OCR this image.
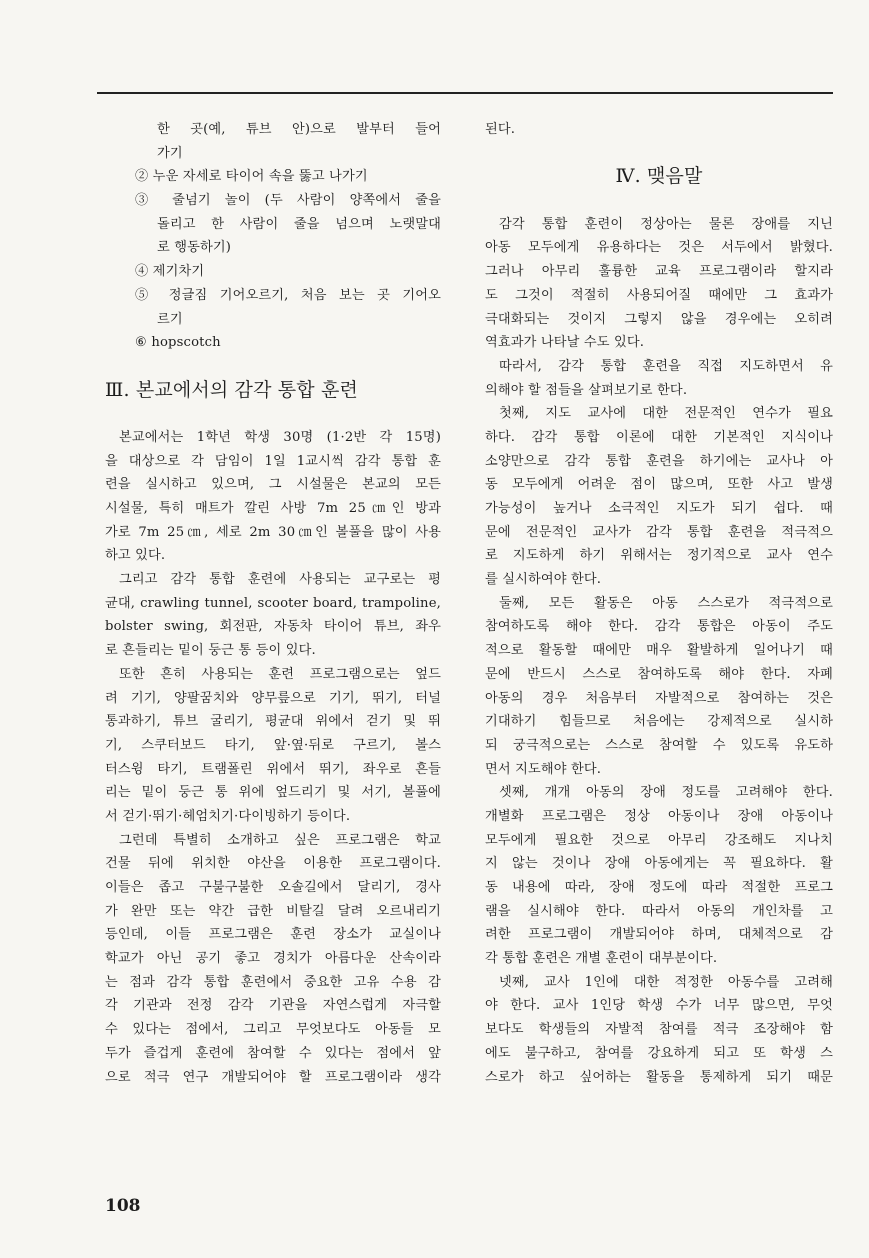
한 곳(예, 튜브 안)으로 발부터 들어
가기
② 누운 자세로 타이어 속을 뚫고 나가기
③ 줄넘기 놀이 (두 사람이 양쪽에서 줄을
돌리고 한 사람이 줄을 넘으며 노랫말대
로 행동하기)
④ 제기차기
⑤ 정글짐 기어오르기, 처음 보는 곳 기어오
르기
⑥ hopscotch
Ⅲ. 본교에서의 감각 통합 훈련
본교에서는 1학년 학생 30명 (1·2반 각 15명)
을 대상으로 각 담임이 1일 1교시씩 감각 통합 훈
련을 실시하고 있으며, 그 시설물은 본교의 모든
시설물, 특히 매트가 깔린 사방 7m 25㎝인 방과
가로 7m 25㎝, 세로 2m 30㎝인 볼풀을 많이 사용
하고 있다.
그리고 감각 통합 훈련에 사용되는 교구로는 평
균대, crawling tunnel, scooter board, trampoline,
bolster swing, 회전판, 자동차 타이어 튜브, 좌우
로 흔들리는 밑이 둥근 통 등이 있다.
또한 흔히 사용되는 훈련 프로그램으로는 엎드
려 기기, 양팔꿈치와 양무릎으로 기기, 뛰기, 터널
통과하기, 튜브 굴리기, 평균대 위에서 걷기 및 뛰
기, 스쿠터보드 타기, 앞·옆·뒤로 구르기, 볼스
터스윙 타기, 트램폴린 위에서 뛰기, 좌우로 흔들
리는 밑이 둥근 통 위에 엎드리기 및 서기, 볼풀에
서 걷기·뛰기·헤엄치기·다이빙하기 등이다.
그런데 특별히 소개하고 싶은 프로그램은 학교
건물 뒤에 위치한 야산을 이용한 프로그램이다.
이들은 좁고 구불구불한 오솔길에서 달리기, 경사
가 완만 또는 약간 급한 비탈길 달려 오르내리기
등인데, 이들 프로그램은 훈련 장소가 교실이나
학교가 아닌 공기 좋고 경치가 아름다운 산속이라
는 점과 감각 통합 훈련에서 중요한 고유 수용 감
각 기관과 전정 감각 기관을 자연스럽게 자극할
수 있다는 점에서, 그리고 무엇보다도 아동들 모
두가 즐겁게 훈련에 참여할 수 있다는 점에서 앞
으로 적극 연구 개발되어야 할 프로그램이라 생각
된다.
Ⅳ. 맺음말
감각 통합 훈련이 정상아는 물론 장애를 지닌
아동 모두에게 유용하다는 것은 서두에서 밝혔다.
그러나 아무리 훌륭한 교육 프로그램이라 할지라
도 그것이 적절히 사용되어질 때에만 그 효과가
극대화되는 것이지 그렇지 않을 경우에는 오히려
역효과가 나타날 수도 있다.
따라서, 감각 통합 훈련을 직접 지도하면서 유
의해야 할 점들을 살펴보기로 한다.
첫째, 지도 교사에 대한 전문적인 연수가 필요
하다. 감각 통합 이론에 대한 기본적인 지식이나
소양만으로 감각 통합 훈련을 하기에는 교사나 아
동 모두에게 어려운 점이 많으며, 또한 사고 발생
가능성이 높거나 소극적인 지도가 되기 쉽다. 때
문에 전문적인 교사가 감각 통합 훈련을 적극적으
로 지도하게 하기 위해서는 정기적으로 교사 연수
를 실시하여야 한다.
둘째, 모든 활동은 아동 스스로가 적극적으로
참여하도록 해야 한다. 감각 통합은 아동이 주도
적으로 활동할 때에만 매우 활발하게 일어나기 때
문에 반드시 스스로 참여하도록 해야 한다. 자폐
아동의 경우 처음부터 자발적으로 참여하는 것은
기대하기 힘들므로 처음에는 강제적으로 실시하
되 궁극적으로는 스스로 참여할 수 있도록 유도하
면서 지도해야 한다.
셋째, 개개 아동의 장애 정도를 고려해야 한다.
개별화 프로그램은 정상 아동이나 장애 아동이나
모두에게 필요한 것으로 아무리 강조해도 지나치
지 않는 것이나 장애 아동에게는 꼭 필요하다. 활
동 내용에 따라, 장애 정도에 따라 적절한 프로그
램을 실시해야 한다. 따라서 아동의 개인차를 고
려한 프로그램이 개발되어야 하며, 대체적으로 감
각 통합 훈련은 개별 훈련이 대부분이다.
넷째, 교사 1인에 대한 적정한 아동수를 고려해
야 한다. 교사 1인당 학생 수가 너무 많으면, 무엇
보다도 학생들의 자발적 참여를 적극 조장해야 함
에도 불구하고, 참여를 강요하게 되고 또 학생 스
스로가 하고 싶어하는 활동을 통제하게 되기 때문
108
